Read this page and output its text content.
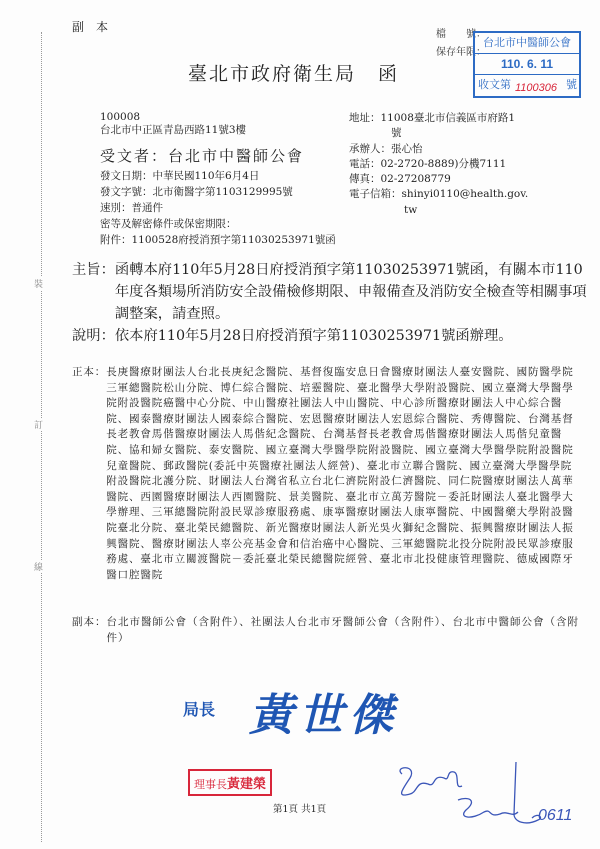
副本
裝
訂
線
檔　　號：
保存年限：
臺北市政府衛生局 函
台北市中醫師公會
110. 6. 11
收文第 1100306 號
100008
台北市中正區青島西路11號3樓
受文者：台北市中醫師公會
發文日期：中華民國110年6月4日
發文字號：北市衛醫字第1103129995號
速別：普通件
密等及解密條件或保密期限：
附件：1100528府授消預字第11030253971號函
地址：11008臺北市信義區市府路1
號
承辦人：張心怡
電話：02-2720-8889)分機7111
傳真：02-27208779
電子信箱：shinyi0110@health.gov.
tw
主旨： 函轉本府110年5月28日府授消預字第11030253971號函，有關本市110年度各類場所消防安全設備檢修期限、申報備查及消防安全檢查等相關事項調整案，請查照。
說明： 依本府110年5月28日府授消預字第11030253971號函辦理。
正本： 長庚醫療財團法人台北長庚紀念醫院、基督復臨安息日會醫療財團法人臺安醫院、國防醫學院三軍總醫院松山分院、博仁綜合醫院、培靈醫院、臺北醫學大學附設醫院、國立臺灣大學醫學院附設醫院癌醫中心分院、中山醫療社團法人中山醫院、中心診所醫療財團法人中心綜合醫院、國泰醫療財團法人國泰綜合醫院、宏恩醫療財團法人宏恩綜合醫院、秀傳醫院、台灣基督長老教會馬偕醫療財團法人馬偕紀念醫院、台灣基督長老教會馬偕醫療財團法人馬偕兒童醫院、協和婦女醫院、泰安醫院、國立臺灣大學醫學院附設醫院、國立臺灣大學醫學院附設醫院兒童醫院、郵政醫院(委託中英醫療社團法人經營)、臺北市立聯合醫院、國立臺灣大學醫學院附設醫院北護分院、財團法人台灣省私立台北仁濟院附設仁濟醫院、同仁院醫療財團法人萬華醫院、西園醫療財團法人西園醫院、景美醫院、臺北市立萬芳醫院－委託財團法人臺北醫學大學辦理、三軍總醫院附設民眾診療服務處、康寧醫療財團法人康寧醫院、中國醫藥大學附設醫院臺北分院、臺北榮民總醫院、新光醫療財團法人新光吳火獅紀念醫院、振興醫療財團法人振興醫院、醫療財團法人辜公亮基金會和信治癌中心醫院、三軍總醫院北投分院附設民眾診療服務處、臺北市立關渡醫院－委託臺北榮民總醫院經營、臺北市北投健康管理醫院、德威國際牙醫口腔醫院
副本： 台北市醫師公會（含附件）、社團法人台北市牙醫師公會（含附件）、台北市中醫師公會（含附件）
局長 黃世傑
理事長黃建榮
第1頁 共1頁	0611
